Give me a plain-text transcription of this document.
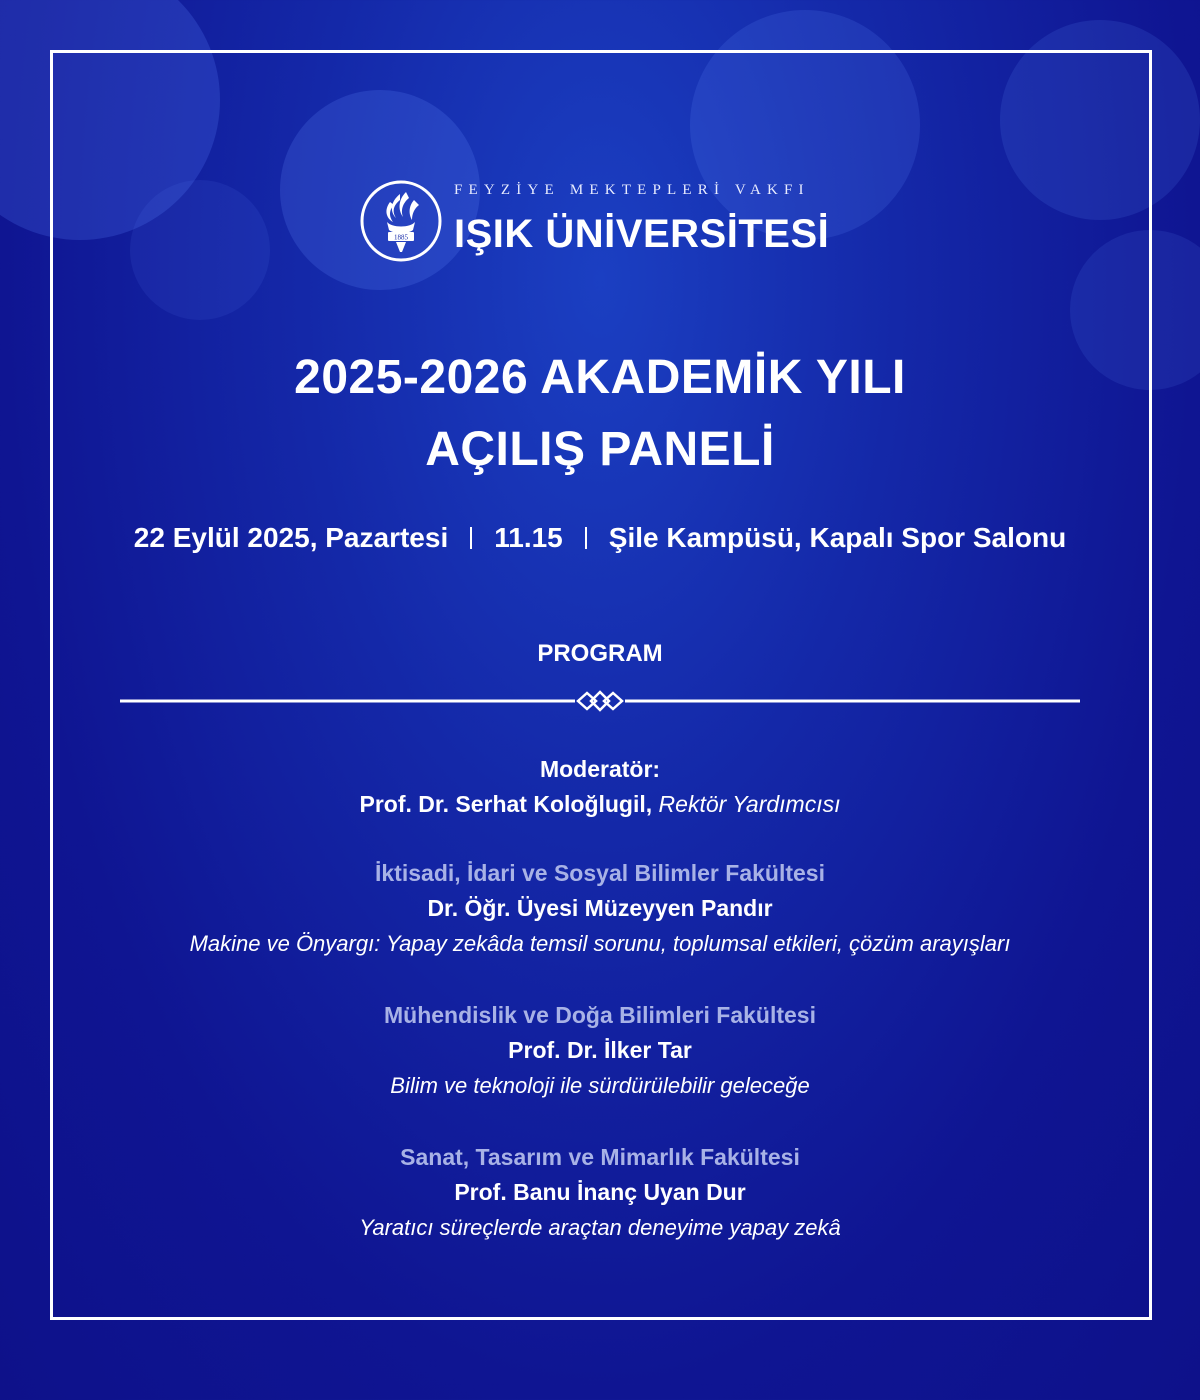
1885
FEYZİYE MEKTEPLERİ VAKFI
IŞIK ÜNİVERSİTESİ
2025-2026 AKADEMİK YILI
AÇILIŞ PANELİ
22 Eylül 2025, Pazartesi 11.15 Şile Kampüsü, Kapalı Spor Salonu
PROGRAM
Moderatör:
Prof. Dr. Serhat Koloğlugil, Rektör Yardımcısı
İktisadi, İdari ve Sosyal Bilimler Fakültesi
Dr. Öğr. Üyesi Müzeyyen Pandır
Makine ve Önyargı: Yapay zekâda temsil sorunu, toplumsal etkileri, çözüm arayışları
Mühendislik ve Doğa Bilimleri Fakültesi
Prof. Dr. İlker Tar
Bilim ve teknoloji ile sürdürülebilir geleceğe
Sanat, Tasarım ve Mimarlık Fakültesi
Prof. Banu İnanç Uyan Dur
Yaratıcı süreçlerde araçtan deneyime yapay zekâ
